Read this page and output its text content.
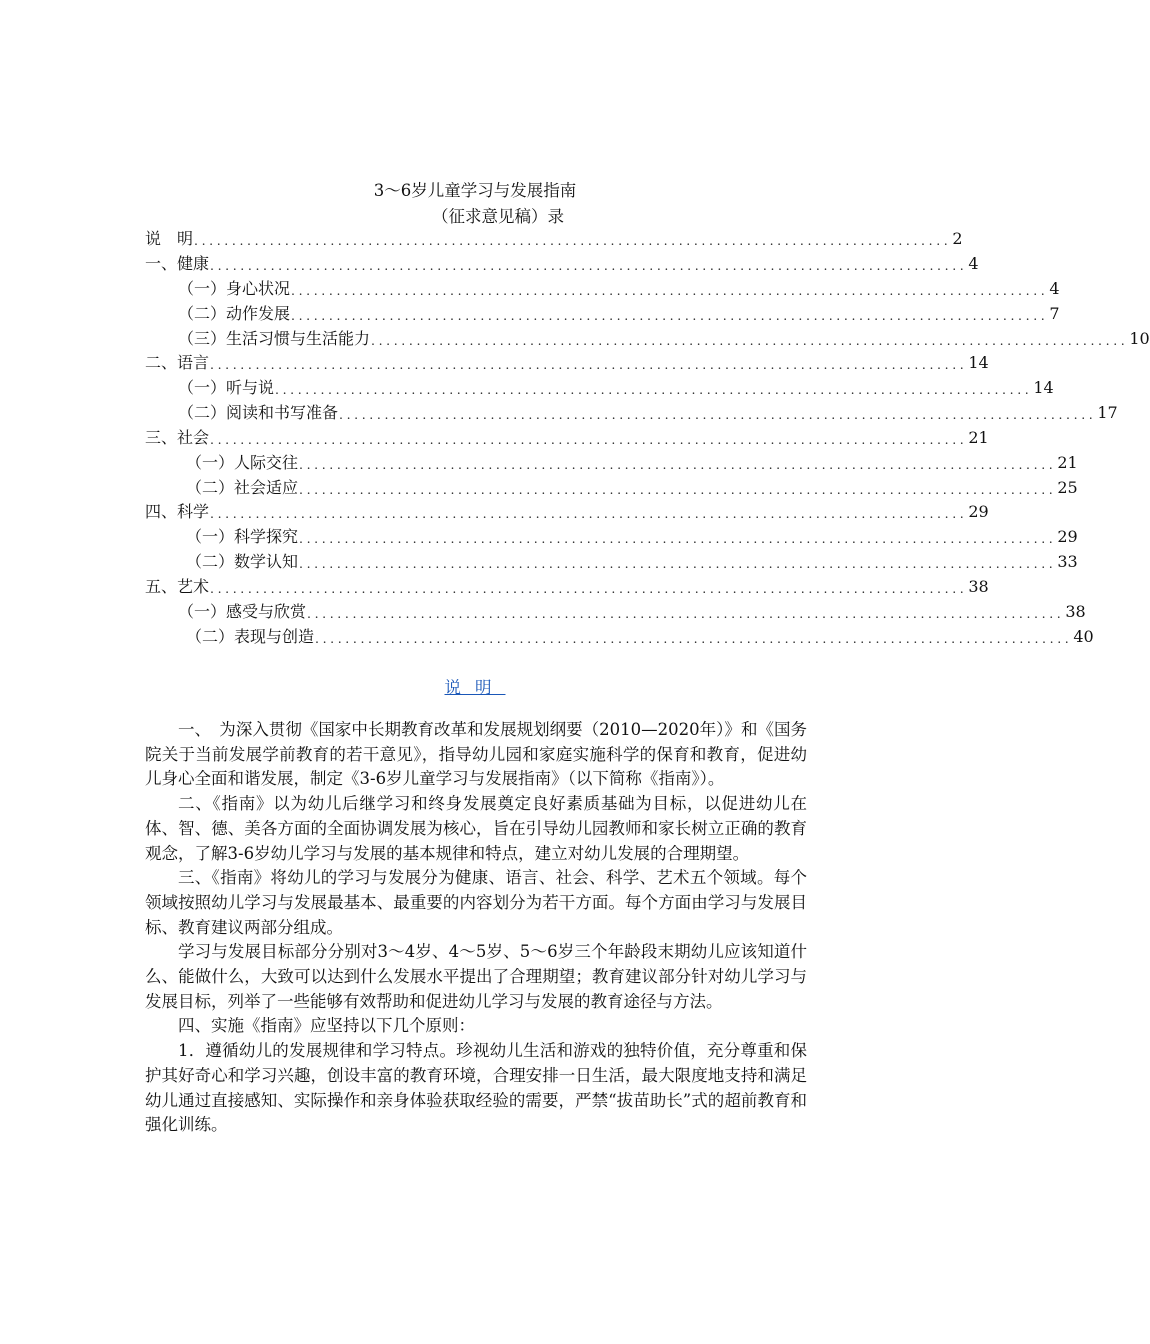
3～6岁儿童学习与发展指南
（征求意见稿）录
说　明 .................................................................................................... 2
一、健康 .................................................................................................... 4
（一）身心状况 .................................................................................................... 4
（二）动作发展 .................................................................................................... 7
（三）生活习惯与生活能力 .................................................................................................... 10
二、语言 .................................................................................................... 14
（一）听与说 .................................................................................................... 14
（二）阅读和书写准备 .................................................................................................... 17
三、社会 .................................................................................................... 21
（一）人际交往 .................................................................................................... 21
（二）社会适应 .................................................................................................... 25
四、科学 .................................................................................................... 29
（一）科学探究 .................................................................................................... 29
（二）数学认知 .................................................................................................... 33
五、艺术 .................................................................................................... 38
（一）感受与欣赏 .................................................................................................... 38
（二）表现与创造 .................................................................................................... 40
说明

一、　为深入贯彻《国家中长期教育改革和发展规划纲要（2010—2020年）》和《国务院关于当前发展学前教育的若干意见》，指导幼儿园和家庭实施科学的保育和教育，促进幼儿身心全面和谐发展，制定《3-6岁儿童学习与发展指南》（以下简称《指南》）。

二、《指南》以为幼儿后继学习和终身发展奠定良好素质基础为目标，以促进幼儿在体、智、德、美各方面的全面协调发展为核心，旨在引导幼儿园教师和家长树立正确的教育观念，了解3-6岁幼儿学习与发展的基本规律和特点，建立对幼儿发展的合理期望。

三、《指南》将幼儿的学习与发展分为健康、语言、社会、科学、艺术五个领域。每个领域按照幼儿学习与发展最基本、最重要的内容划分为若干方面。每个方面由学习与发展目标、教育建议两部分组成。

学习与发展目标部分分别对3～4岁、4～5岁、5～6岁三个年龄段末期幼儿应该知道什么、能做什么，大致可以达到什么发展水平提出了合理期望；教育建议部分针对幼儿学习与发展目标，列举了一些能够有效帮助和促进幼儿学习与发展的教育途径与方法。

四、实施《指南》应坚持以下几个原则：

1．遵循幼儿的发展规律和学习特点。珍视幼儿生活和游戏的独特价值，充分尊重和保护其好奇心和学习兴趣，创设丰富的教育环境，合理安排一日生活，最大限度地支持和满足幼儿通过直接感知、实际操作和亲身体验获取经验的需要，严禁“拔苗助长”式的超前教育和强化训练。
